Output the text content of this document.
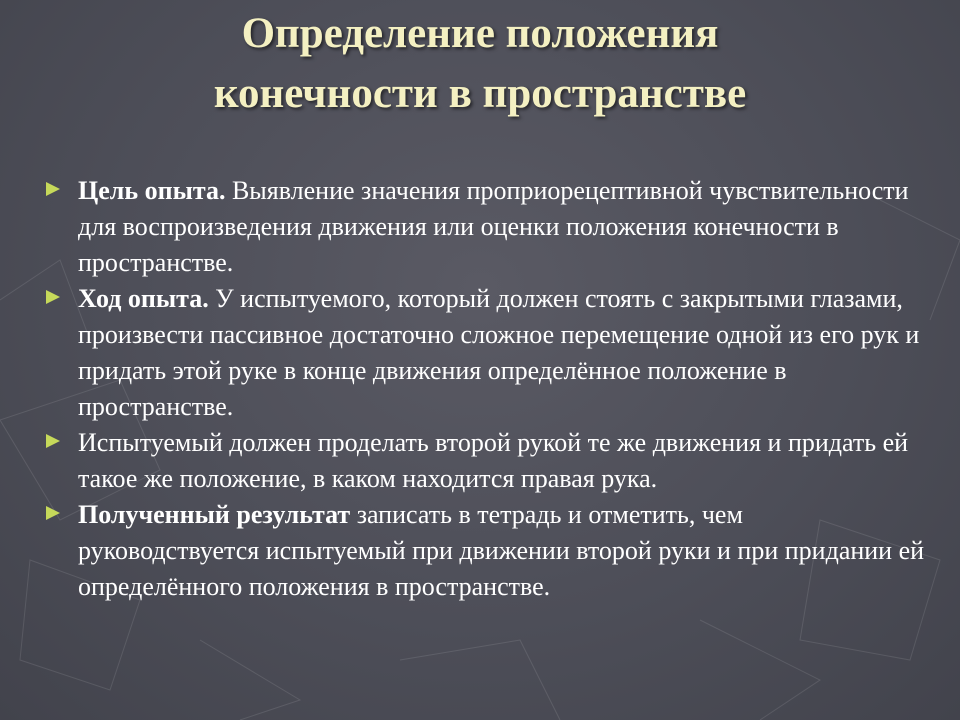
Определение положения
конечности в пространстве
Цель опыта. Выявление значения проприорецептивной чувствительности для воспроизведения движения или оценки положения конечности в пространстве.
Ход опыта. У испытуемого, который должен стоять с закрытыми глазами, произвести пассивное достаточно сложное перемещение одной из его рук и придать этой руке в конце движения определённое положение в пространстве.
Испытуемый должен проделать второй рукой те же движения и придать ей такое же положение, в каком находится правая рука.
Полученный результат записать в тетрадь и отметить, чем руководствуется испытуемый при движении второй руки и при придании ей определённого положения в пространстве.
